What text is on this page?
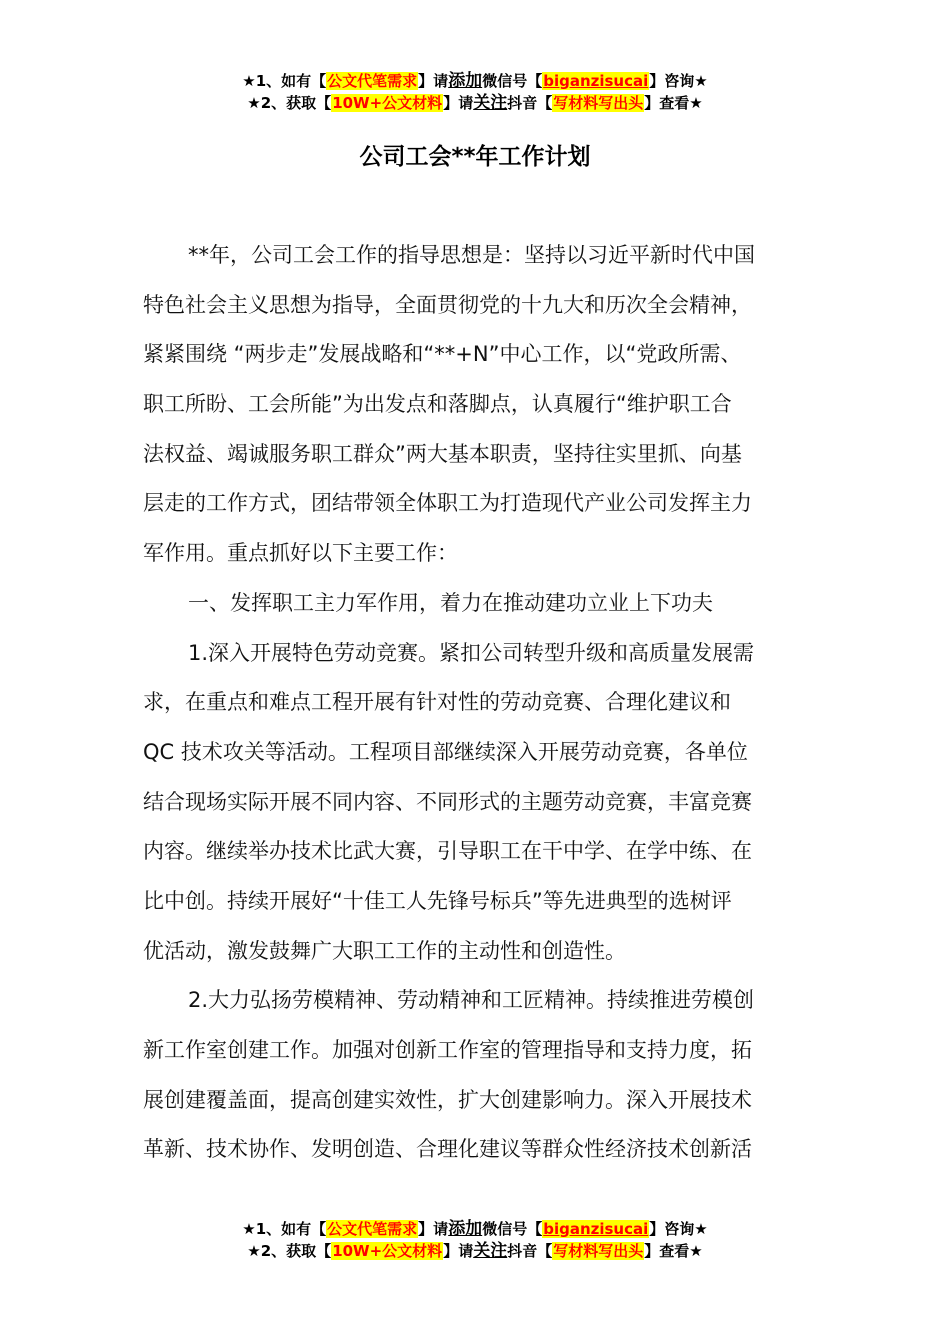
★1、如有【公文代笔需求】请添加微信号【biganzisucai】咨询★
★2、获取【10W+公文材料】请关注抖音【写材料写出头】查看★
公司工会**年工作计划
**年，公司工会工作的指导思想是：坚持以习近平新时代中国
特色社会主义思想为指导，全面贯彻党的十九大和历次全会精神，
紧紧围绕 “两步走”发展战略和“**+N”中心工作，以“党政所需、
职工所盼、工会所能”为出发点和落脚点，认真履行“维护职工合
法权益、竭诚服务职工群众”两大基本职责，坚持往实里抓、向基
层走的工作方式，团结带领全体职工为打造现代产业公司发挥主力
军作用。重点抓好以下主要工作：
一、发挥职工主力军作用，着力在推动建功立业上下功夫
1.深入开展特色劳动竞赛。紧扣公司转型升级和高质量发展需
求，在重点和难点工程开展有针对性的劳动竞赛、合理化建议和
QC 技术攻关等活动。工程项目部继续深入开展劳动竞赛，各单位
结合现场实际开展不同内容、不同形式的主题劳动竞赛，丰富竞赛
内容。继续举办技术比武大赛，引导职工在干中学、在学中练、在
比中创。持续开展好“十佳工人先锋号标兵”等先进典型的选树评
优活动，激发鼓舞广大职工工作的主动性和创造性。
2.大力弘扬劳模精神、劳动精神和工匠精神。持续推进劳模创
新工作室创建工作。加强对创新工作室的管理指导和支持力度，拓
展创建覆盖面，提高创建实效性，扩大创建影响力。深入开展技术
革新、技术协作、发明创造、合理化建议等群众性经济技术创新活
★1、如有【公文代笔需求】请添加微信号【biganzisucai】咨询★
★2、获取【10W+公文材料】请关注抖音【写材料写出头】查看★
